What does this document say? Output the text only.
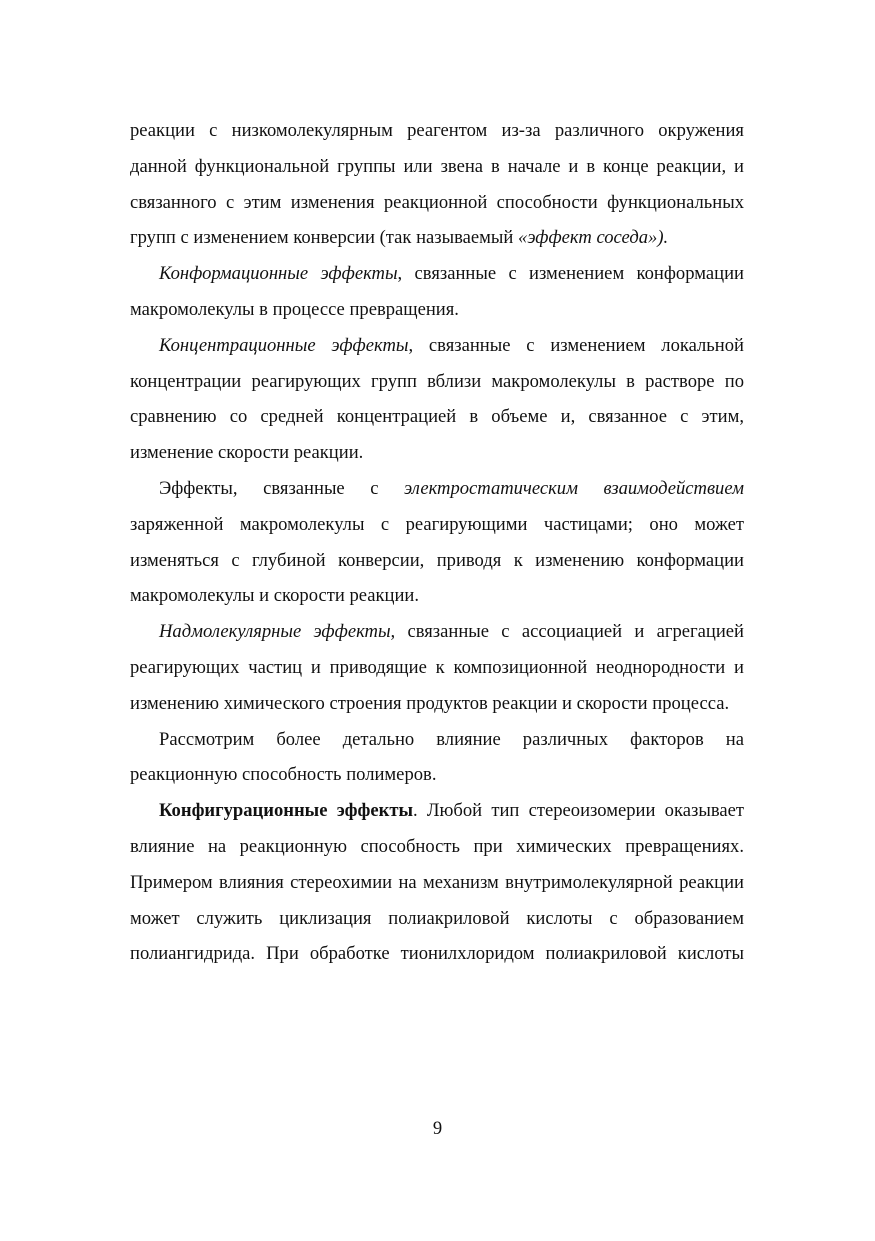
реакции с низкомолекулярным реагентом из-за различного окружения данной функциональной группы или звена в начале и в конце реакции, и связанного с этим изменения реакционной способности функциональных групп с изменением конверсии (так называемый «эффект соседа»).

Конформационные эффекты, связанные с изменением конформации макромолекулы в процессе превращения.

Концентрационные эффекты, связанные с изменением локальной концентрации реагирующих групп вблизи макромолекулы в растворе по сравнению со средней концентрацией в объеме и, связанное с этим, изменение скорости реакции.

Эффекты, связанные с электростатическим взаимодействием заряженной макромолекулы с реагирующими частицами; оно может изменяться с глубиной конверсии, приводя к изменению конформации макромолекулы и скорости реакции.

Надмолекулярные эффекты, связанные с ассоциацией и агрегацией реагирующих частиц и приводящие к композиционной неоднородности и изменению химического строения продуктов реакции и скорости процесса.

Рассмотрим более детально влияние различных факторов на реакционную способность полимеров.

Конфигурационные эффекты. Любой тип стереоизомерии оказывает влияние на реакционную способность при химических превращениях. Примером влияния стереохимии на механизм внутримолекулярной реакции может служить циклизация полиакриловой кислоты с образованием полиангидрида. При обработке тионилхлоридом полиакриловой кислоты

9
